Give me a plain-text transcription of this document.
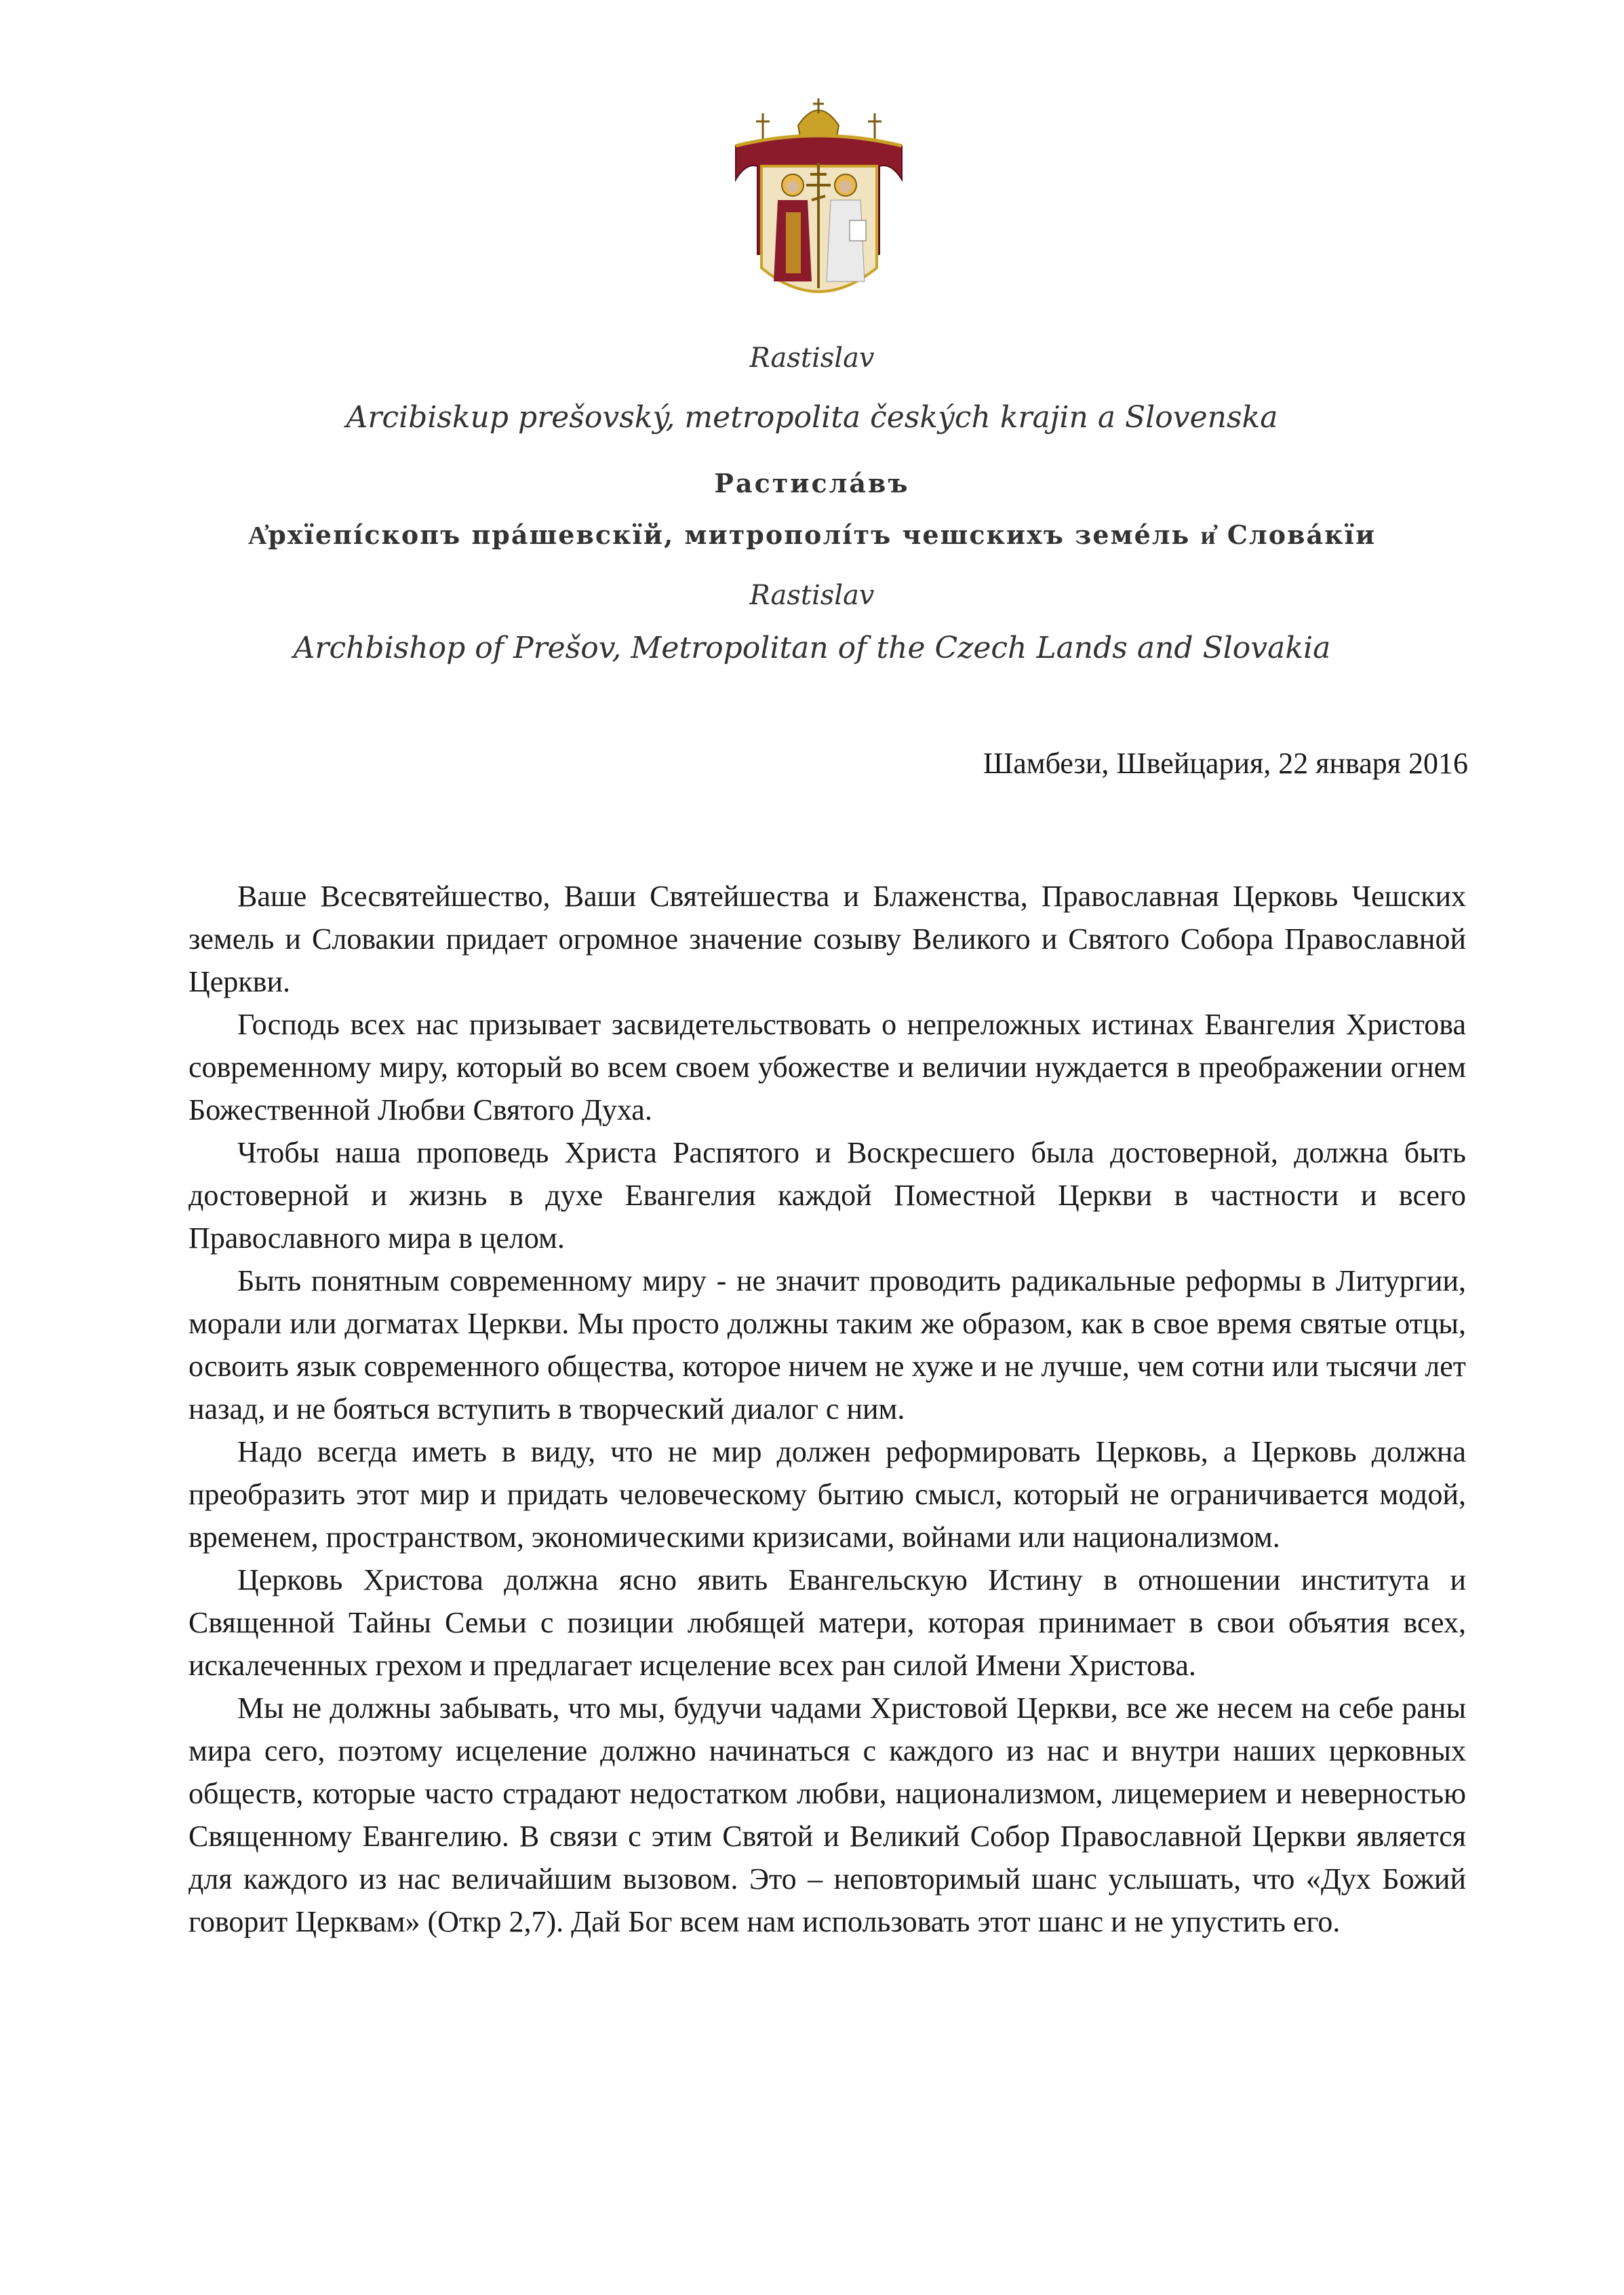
Rastislav
Arcibiskup prešovský, metropolita českých krajin a Slovenska
Растисла́въ
А҆рхїепі́скопъ пра́шевскїй, митрополі́тъ чешскихъ земе́ль и҆ Слова́кїи
Rastislav
Archbishop of Prešov, Metropolitan of the Czech Lands and Slovakia
Шамбези, Швейцария, 22 января 2016

Ваше Всесвятейшество, Ваши Святейшества и Блаженства, Православная Церковь Чешских земель и Словакии придает огромное значение созыву Великого и Святого Собора Православной Церкви.

Господь всех нас призывает засвидетельствовать о непреложных истинах Евангелия Христова современному миру, который во всем своем убожестве и величии нуждается в преображении огнем Божественной Любви Святого Духа.

Чтобы наша проповедь Христа Распятого и Воскресшего была достоверной, должна быть достоверной и жизнь в духе Евангелия каждой Поместной Церкви в частности и всего Православного мира в целом.

Быть понятным современному миру - не значит проводить радикальные реформы в Литургии, морали или догматах Церкви. Мы просто должны таким же образом, как в свое время святые отцы, освоить язык современного общества, которое ничем не хуже и не лучше, чем сотни или тысячи лет назад, и не бояться вступить в творческий диалог с ним.

Надо всегда иметь в виду, что не мир должен реформировать Церковь, а Церковь должна преобразить этот мир и придать человеческому бытию смысл, который не ограничивается модой, временем, пространством, экономическими кризисами, войнами или национализмом.

Церковь Христова должна ясно явить Евангельскую Истину в отношении института и Священной Тайны Семьи с позиции любящей матери, которая принимает в свои объятия всех, искалеченных грехом и предлагает исцеление всех ран силой Имени Христова.

Мы не должны забывать, что мы, будучи чадами Христовой Церкви, все же несем на себе раны мира сего, поэтому исцеление должно начинаться с каждого из нас и внутри наших церковных обществ, которые часто страдают недостатком любви, национализмом, лицемерием и неверностью Священному Евангелию. В связи с этим Святой и Великий Собор Православной Церкви является для каждого из нас величайшим вызовом. Это – неповторимый шанс услышать, что «Дух Божий говорит Церквам» (Откр 2,7). Дай Бог всем нам использовать этот шанс и не упустить его.
